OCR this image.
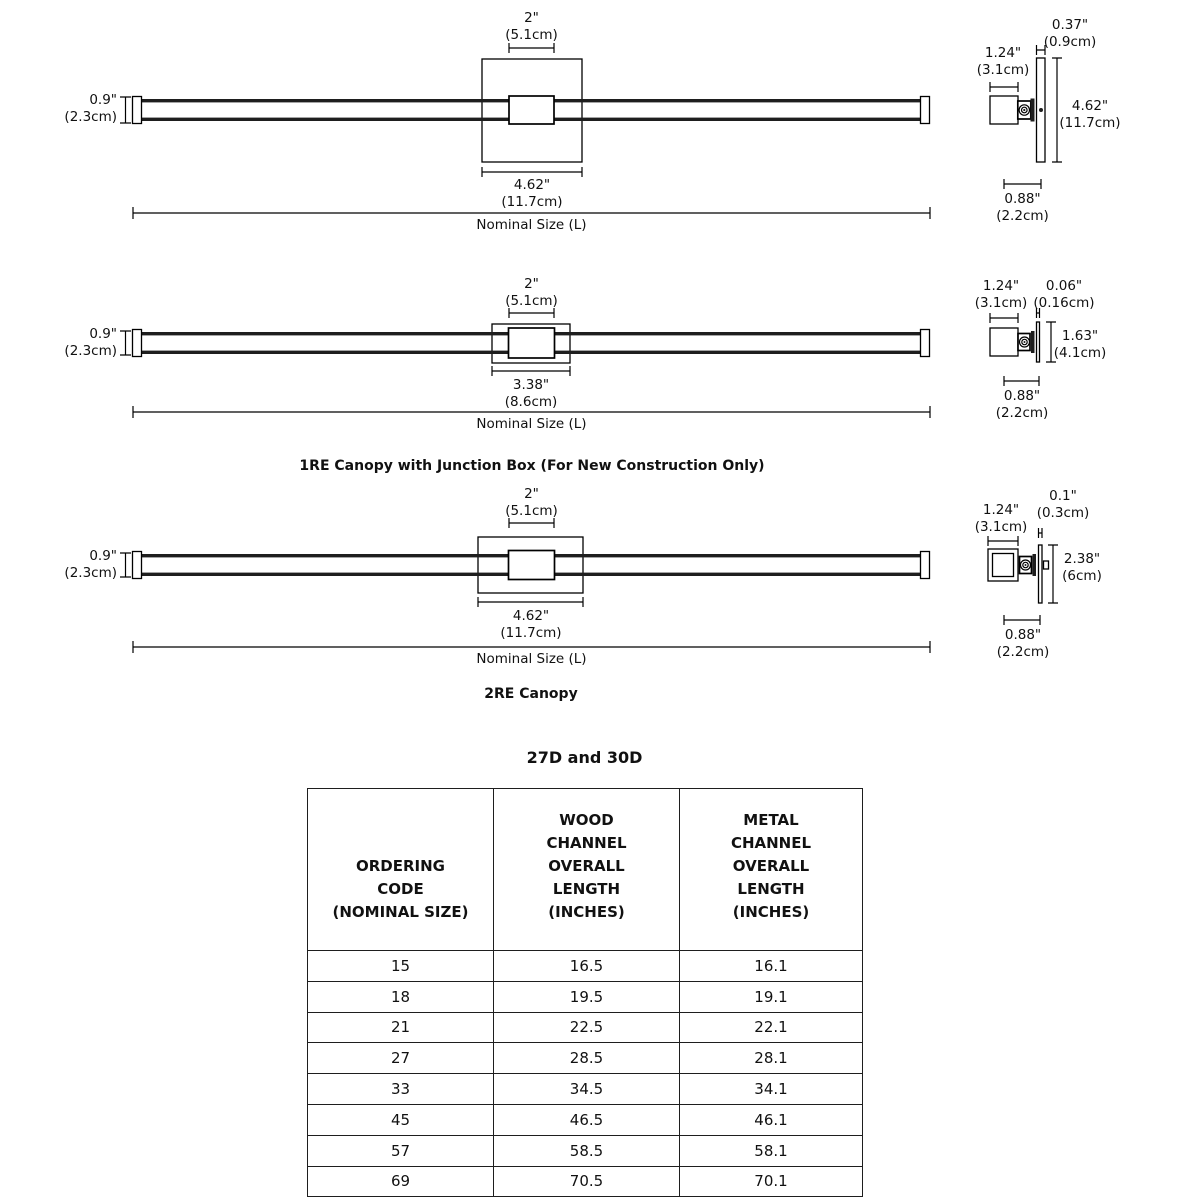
2"
(5.1cm)
0.9"
(2.3cm)
4.62"
(11.7cm)
Nominal Size (L)
0.37"
(0.9cm)
1.24"
(3.1cm)
4.62"
(11.7cm)
0.88"
(2.2cm)
2"
(5.1cm)
0.9"
(2.3cm)
3.38"
(8.6cm)
Nominal Size (L)
1.24"
(3.1cm)
0.06"
(0.16cm)
1.63"
(4.1cm)
0.88"
(2.2cm)
1RE Canopy with Junction Box (For New Construction Only)
2"
(5.1cm)
0.9"
(2.3cm)
4.62"
(11.7cm)
Nominal Size (L)
0.1"
(0.3cm)
1.24"
(3.1cm)
2.38"
(6cm)
0.88"
(2.2cm)
2RE Canopy
27D and 30D
ORDERING
CODE
(NOMINAL SIZE)

WOOD
CHANNEL
OVERALL
LENGTH
(INCHES)

METAL
CHANNEL
OVERALL
LENGTH
(INCHES)

15	16.5	16.1
18	19.5	19.1
21	22.5	22.1
27	28.5	28.1
33	34.5	34.1
45	46.5	46.1
57	58.5	58.1
69	70.5	70.1
